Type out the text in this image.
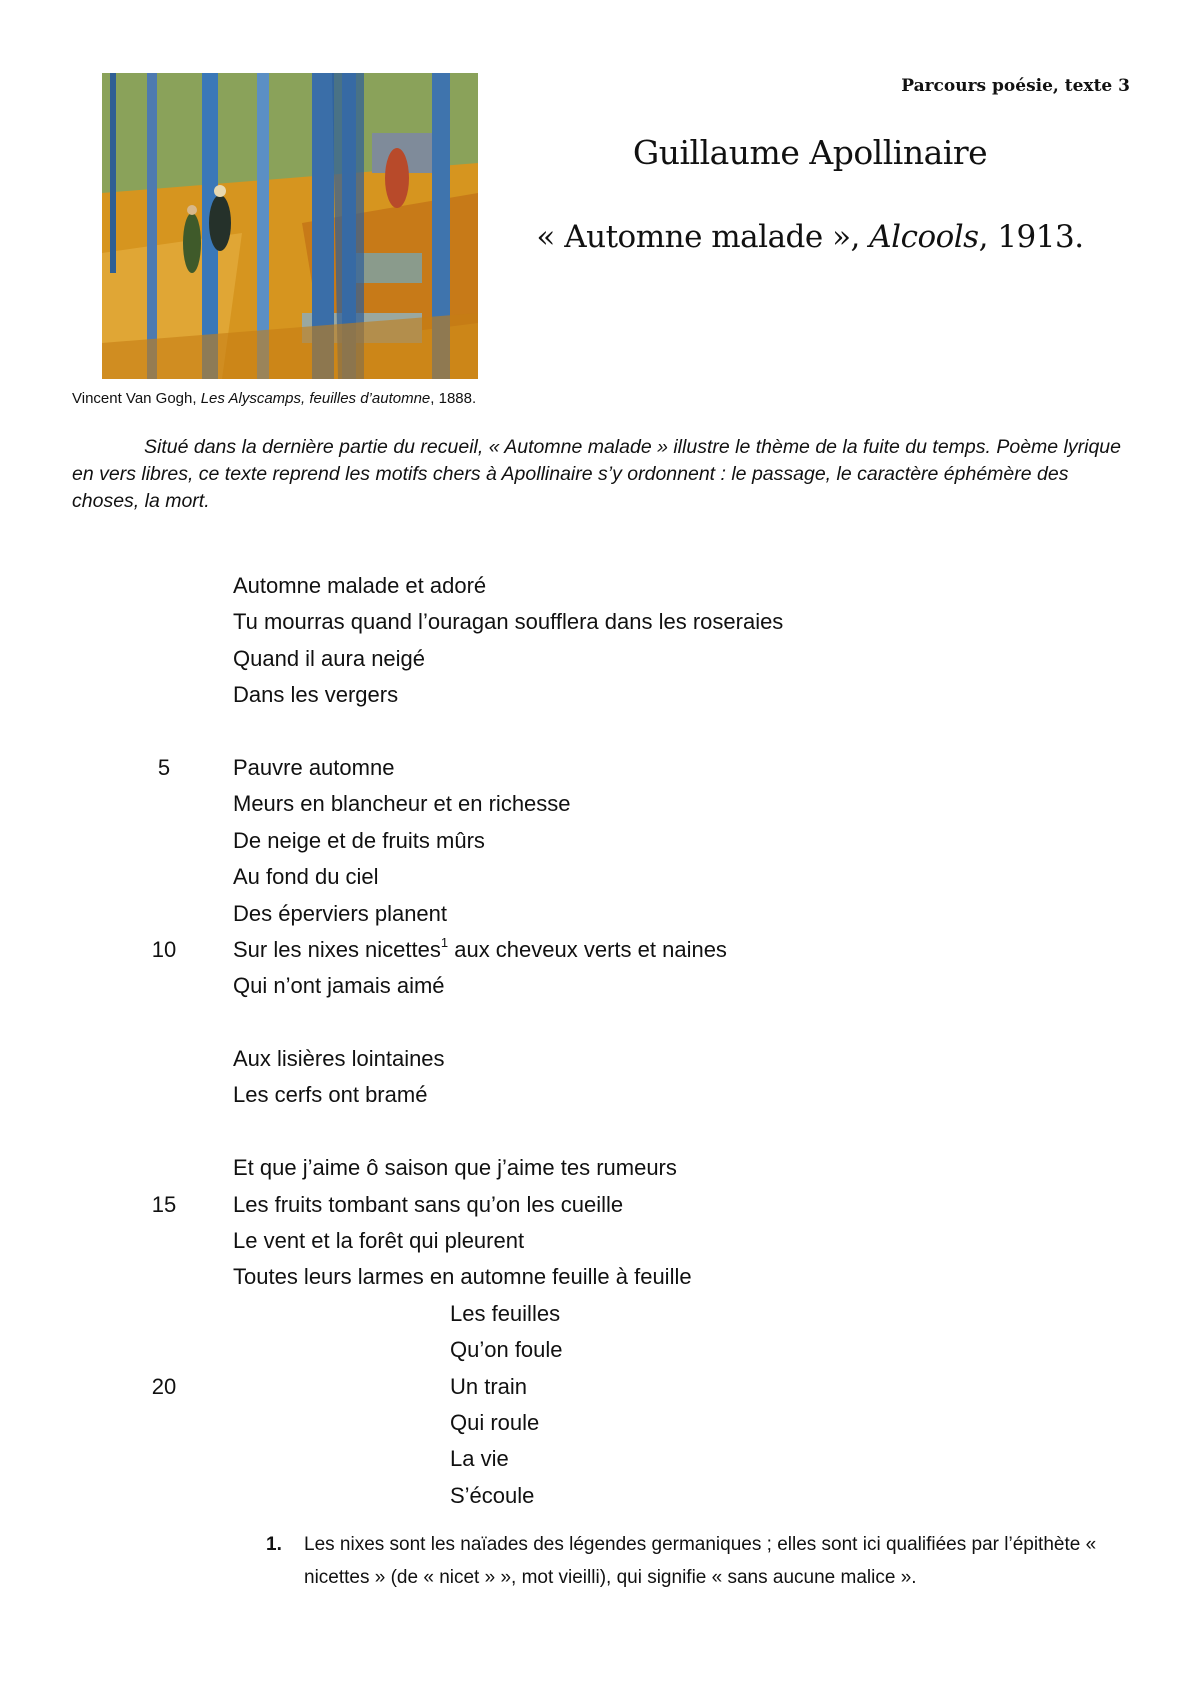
Vincent Van Gogh, Les Alyscamps, feuilles d’automne, 1888.
Parcours poésie, texte 3
Guillaume Apollinaire
« Automne malade », Alcools, 1913.

Situé dans la dernière partie du recueil, « Automne malade » illustre le thème de la fuite du temps. Poème lyrique en vers libres, ce texte reprend les motifs chers à Apollinaire s’y ordonnent : le passage, le caractère éphémère des choses, la mort.

Automne malade et adoré
Tu mourras quand l’ouragan soufflera dans les roseraies
Quand il aura neigé
Dans les vergers
5	Pauvre automne
Meurs en blancheur et en richesse
De neige et de fruits mûrs
Au fond du ciel
Des éperviers planent
10	Sur les nixes nicettes$^1$ aux cheveux verts et naines
Qui n’ont jamais aimé
Aux lisières lointaines
Les cerfs ont bramé
Et que j’aime ô saison que j’aime tes rumeurs
15	Les fruits tombant sans qu’on les cueille
Le vent et la forêt qui pleurent
Toutes leurs larmes en automne feuille à feuille
Les feuilles
Qu’on foule
20	Un train
Qui roule
La vie
S’écoule
1. Les nixes sont les naïades des légendes germaniques ; elles sont ici qualifiées par l’épithète « nicettes » (de « nicet » », mot vieilli), qui signifie « sans aucune malice ».
